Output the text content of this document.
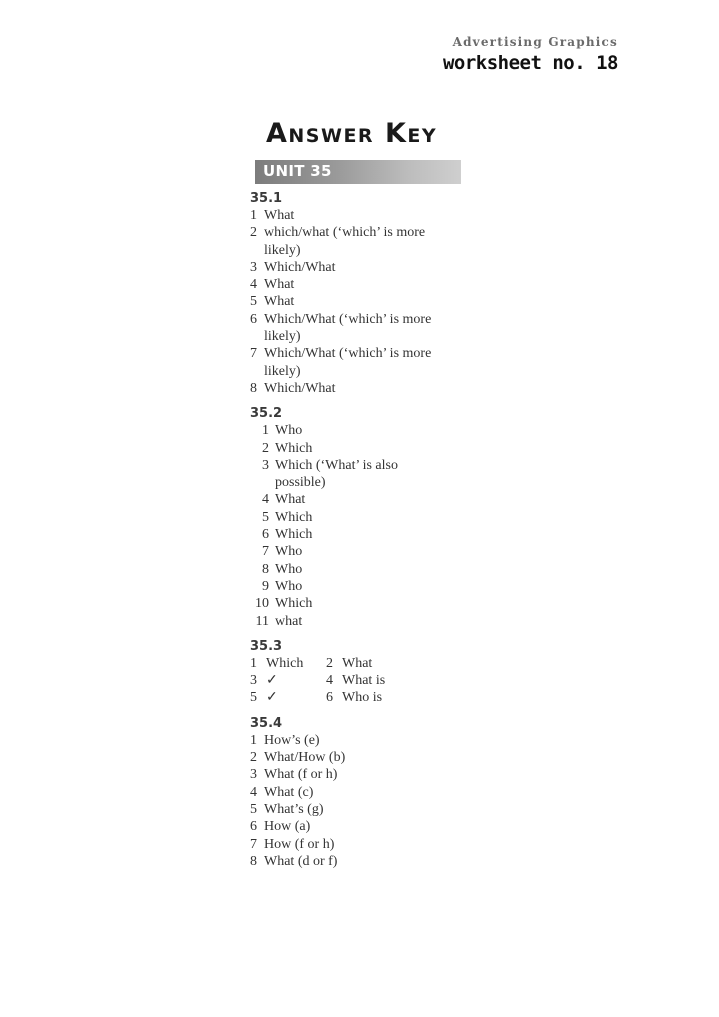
Advertising Graphics
worksheet no. 18
Answer Key
UNIT 35
35.1
1 What
2 which/what (‘which’ is more
likely)
3 Which/What
4 What
5 What
6 Which/What (‘which’ is more
likely)
7 Which/What (‘which’ is more
likely)
8 Which/What
35.2
1 Who
2 Which
3 Which (‘What’ is also
possible)
4 What
5 Which
6 Which
7 Who
8 Who
9 Who
10 Which
11 what
35.3
1 Which 2 What
3 ✓	4 What is
5 ✓	6 Who is
35.4
1 How’s (e)
2 What/How (b)
3 What (f or h)
4 What (c)
5 What’s (g)
6 How (a)
7 How (f or h)
8 What (d or f)
